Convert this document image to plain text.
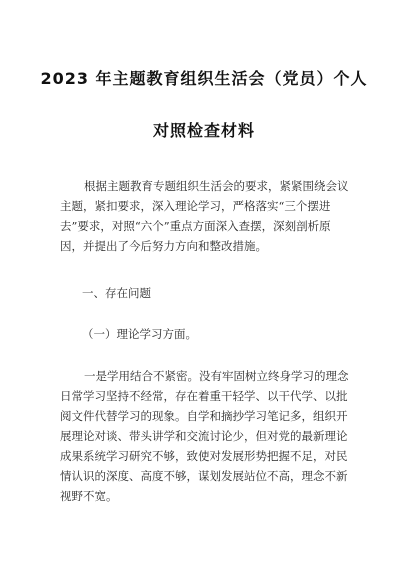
2023 年主题教育组织生活会（党员）个人
对照检查材料
根据主题教育专题组织生活会的要求，紧紧围绕会议
主题，紧扣要求，深入理论学习，严格落实“三个摆进
去”要求，对照“六个”重点方面深入查摆，深刻剖析原
因，并提出了今后努力方向和整改措施。
一、存在问题
（一）理论学习方面。
一是学用结合不紧密。没有牢固树立终身学习的理念
日常学习坚持不经常，存在着重干轻学、以干代学、以批
阅文件代替学习的现象。自学和摘抄学习笔记多，组织开
展理论对谈、带头讲学和交流讨论少，但对党的最新理论
成果系统学习研究不够，致使对发展形势把握不足，对民
情认识的深度、高度不够，谋划发展站位不高，理念不新
视野不宽。
